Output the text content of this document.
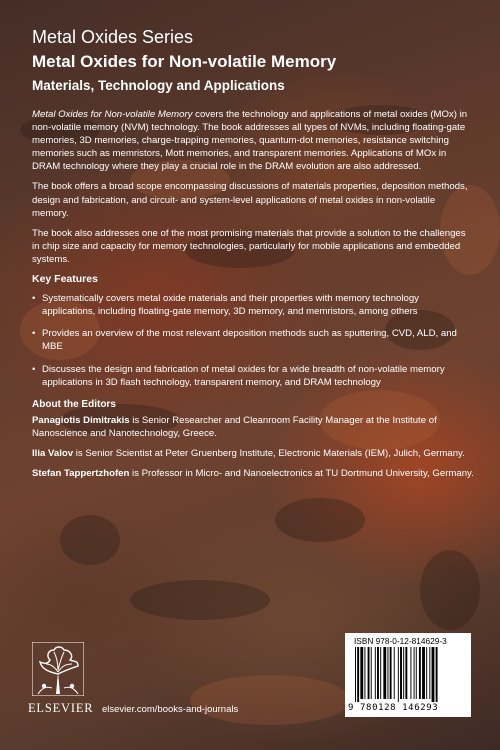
Metal Oxides Series
Metal Oxides for Non-volatile Memory
Materials, Technology and Applications

Metal Oxides for Non-volatile Memory covers the technology and applications of metal oxides (MOx) in non-volatile memory (NVM) technology. The book addresses all types of NVMs, including floating-gate memories, 3D memories, charge-trapping memories, quantum-dot memories, resistance switching memories such as memristors, Mott memories, and transparent memories. Applications of MOx in DRAM technology where they play a crucial role in the DRAM evolution are also addressed.

The book offers a broad scope encompassing discussions of materials properties, deposition methods, design and fabrication, and circuit- and system-level applications of metal oxides in non-volatile memory.

The book also addresses one of the most promising materials that provide a solution to the challenges in chip size and capacity for memory technologies, particularly for mobile applications and embedded systems.

Key Features
• Systematically covers metal oxide materials and their properties with memory technology applications, including floating-gate memory, 3D memory, and memristors, among others
• Provides an overview of the most relevant deposition methods such as sputtering, CVD, ALD, and MBE
• Discusses the design and fabrication of metal oxides for a wide breadth of non-volatile memory applications in 3D flash technology, transparent memory, and DRAM technology
About the Editors

Panagiotis Dimitrakis is Senior Researcher and Cleanroom Facility Manager at the Institute of Nanoscience and Nanotechnology, Greece.

Ilia Valov is Senior Scientist at Peter Gruenberg Institute, Electronic Materials (IEM), Julich, Germany.

Stefan Tappertzhofen is Professor in Micro- and Nanoelectronics at TU Dortmund University, Germany.

ELSEVIER elsevier.com/books-and-journals
ISBN 978-0-12-814629-3
9 780128 146293
